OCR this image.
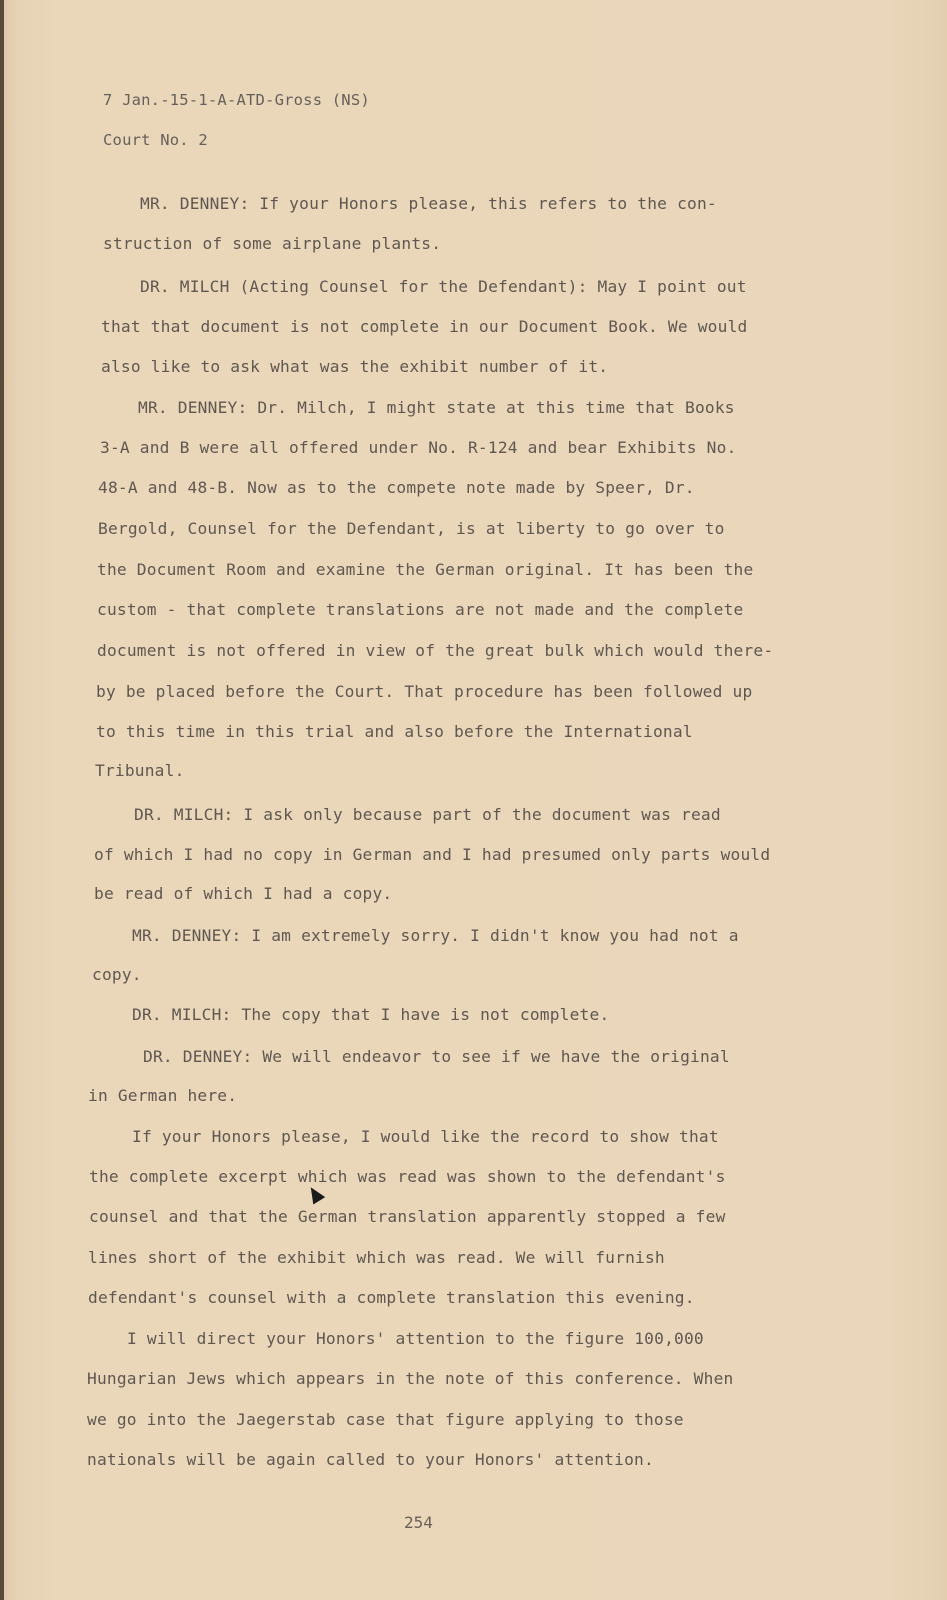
7 Jan.-15-1-A-ATD-Gross (NS)
Court No. 2
MR. DENNEY: If your Honors please, this refers to the con-
struction of some airplane plants.
DR. MILCH (Acting Counsel for the Defendant): May I point out
that that document is not complete in our Document Book. We would
also like to ask what was the exhibit number of it.
MR. DENNEY: Dr. Milch, I might state at this time that Books
3-A and B were all offered under No. R-124 and bear Exhibits No.
48-A and 48-B. Now as to the compete note made by Speer, Dr.
Bergold, Counsel for the Defendant, is at liberty to go over to
the Document Room and examine the German original. It has been the
custom - that complete translations are not made and the complete
document is not offered in view of the great bulk which would there-
by be placed before the Court. That procedure has been followed up
to this time in this trial and also before the International
Tribunal.
DR. MILCH: I ask only because part of the document was read
of which I had no copy in German and I had presumed only parts would
be read of which I had a copy.
MR. DENNEY: I am extremely sorry. I didn't know you had not a
copy.
DR. MILCH: The copy that I have is not complete.
DR. DENNEY: We will endeavor to see if we have the original
in German here.
If your Honors please, I would like the record to show that
the complete excerpt which was read was shown to the defendant's
counsel and that the German translation apparently stopped a few
lines short of the exhibit which was read. We will furnish
defendant's counsel with a complete translation this evening.
I will direct your Honors' attention to the figure 100,000
Hungarian Jews which appears in the note of this conference. When
we go into the Jaegerstab case that figure applying to those
nationals will be again called to your Honors' attention.
254
